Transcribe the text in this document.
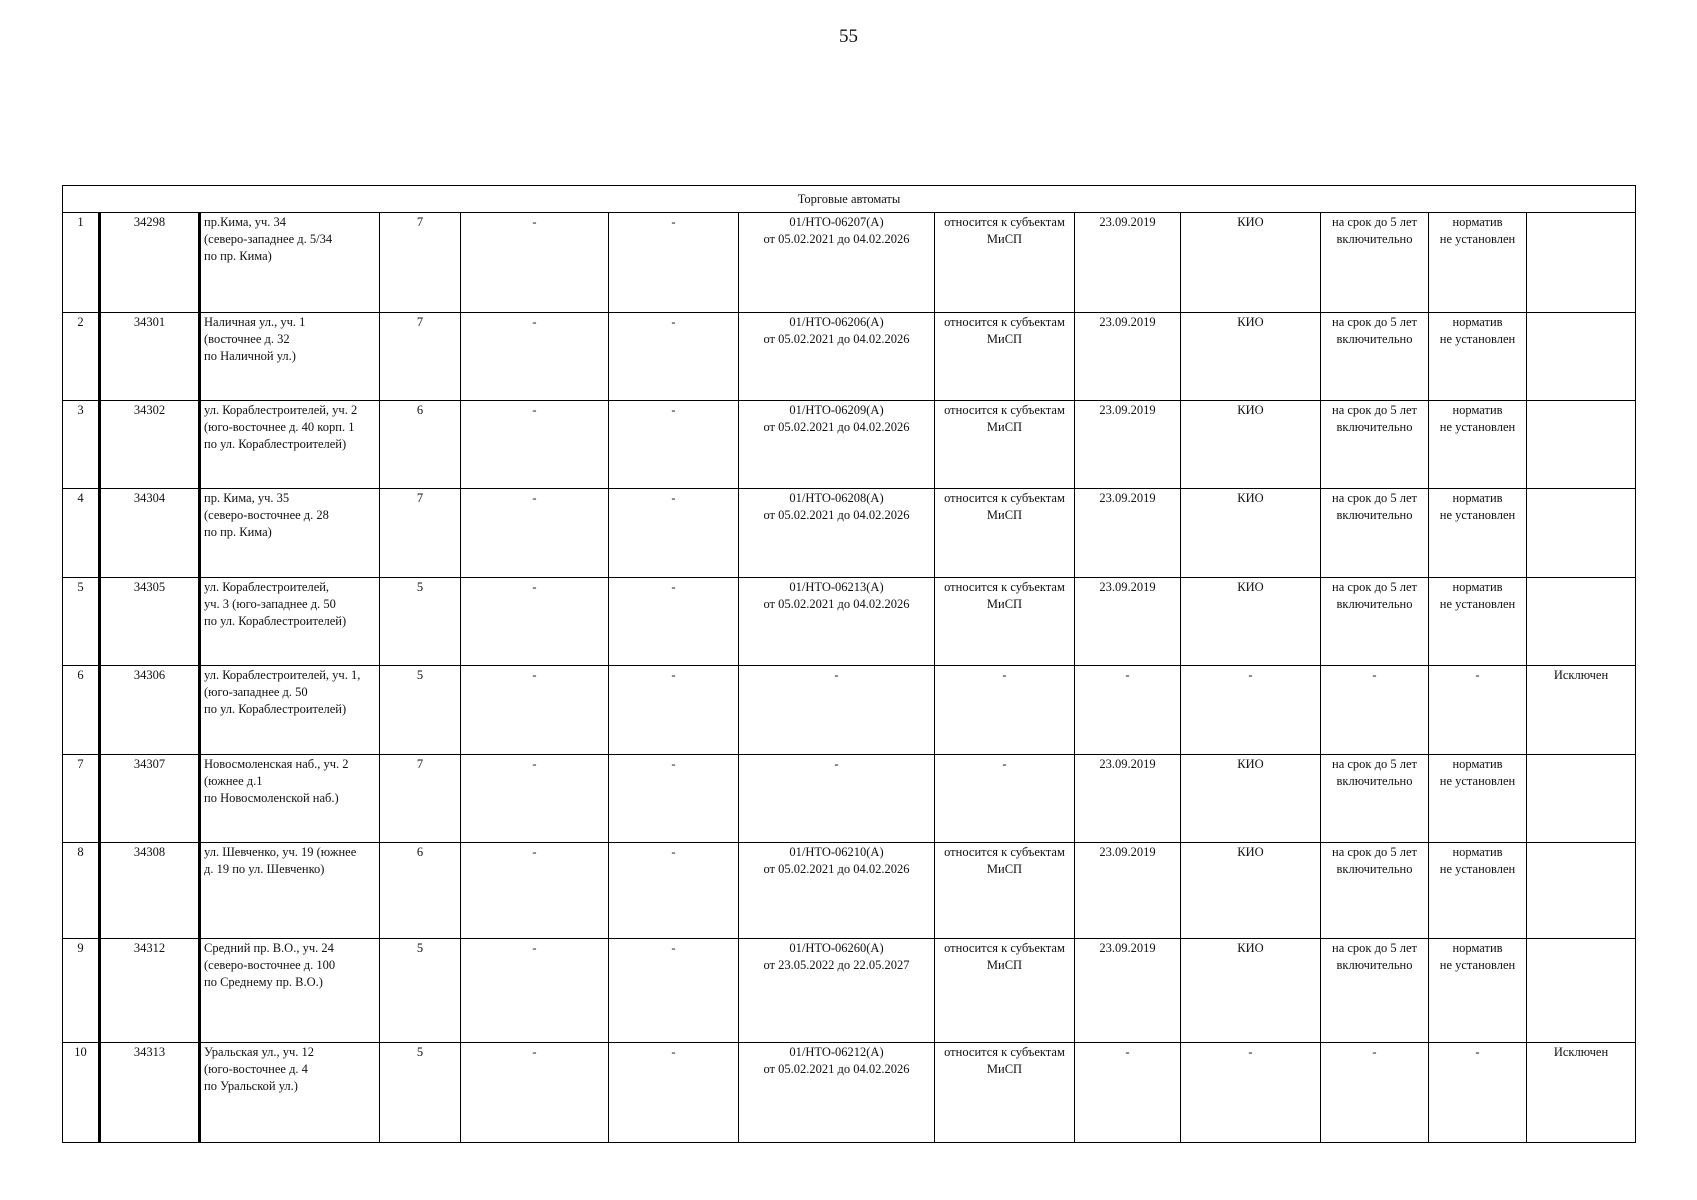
55
Торговые автоматы												
1	34298	пр.Кима, уч. 34
(северо-западнее д. 5/34
по пр. Кима)	7	-	-	01/НТО-06207(А)
от 05.02.2021 до 04.02.2026	относится к субъектам
МиСП	23.09.2019	КИО	на срок до 5 лет
включительно	норматив
не установлен	
2	34301	Наличная ул., уч. 1
(восточнее д. 32
по Наличной ул.)	7	-	-	01/НТО-06206(А)
от 05.02.2021 до 04.02.2026	относится к субъектам
МиСП	23.09.2019	КИО	на срок до 5 лет
включительно	норматив
не установлен	
3	34302	ул. Кораблестроителей, уч. 2
(юго-восточнее д. 40 корп. 1
по ул. Кораблестроителей)	6	-	-	01/НТО-06209(А)
от 05.02.2021 до 04.02.2026	относится к субъектам
МиСП	23.09.2019	КИО	на срок до 5 лет
включительно	норматив
не установлен	
4	34304	пр. Кима, уч. 35
(северо-восточнее д. 28
по пр. Кима)	7	-	-	01/НТО-06208(А)
от 05.02.2021 до 04.02.2026	относится к субъектам
МиСП	23.09.2019	КИО	на срок до 5 лет
включительно	норматив
не установлен	
5	34305	ул. Кораблестроителей,
уч. 3 (юго-западнее д. 50
по ул. Кораблестроителей)	5	-	-	01/НТО-06213(А)
от 05.02.2021 до 04.02.2026	относится к субъектам
МиСП	23.09.2019	КИО	на срок до 5 лет
включительно	норматив
не установлен	
6	34306	ул. Кораблестроителей, уч. 1,
(юго-западнее д. 50
по ул. Кораблестроителей)	5	-	-	-	-	-	-	-	-	Исключен
7	34307	Новосмоленская наб., уч. 2
(южнее д.1
по Новосмоленской наб.)	7	-	-	-	-	23.09.2019	КИО	на срок до 5 лет
включительно	норматив
не установлен	
8	34308	ул. Шевченко, уч. 19 (южнее
д. 19 по ул. Шевченко)	6	-	-	01/НТО-06210(А)
от 05.02.2021 до 04.02.2026	относится к субъектам
МиСП	23.09.2019	КИО	на срок до 5 лет
включительно	норматив
не установлен	
9	34312	Средний пр. В.О., уч. 24
(северо-восточнее д. 100
по Среднему пр. В.О.)	5	-	-	01/НТО-06260(А)
от 23.05.2022 до 22.05.2027	относится к субъектам
МиСП	23.09.2019	КИО	на срок до 5 лет
включительно	норматив
не установлен	
10	34313	Уральская ул., уч. 12
(юго-восточнее д. 4
по Уральской ул.)	5	-	-	01/НТО-06212(А)
от 05.02.2021 до 04.02.2026	относится к субъектам
МиСП	-	-	-	-	Исключен
